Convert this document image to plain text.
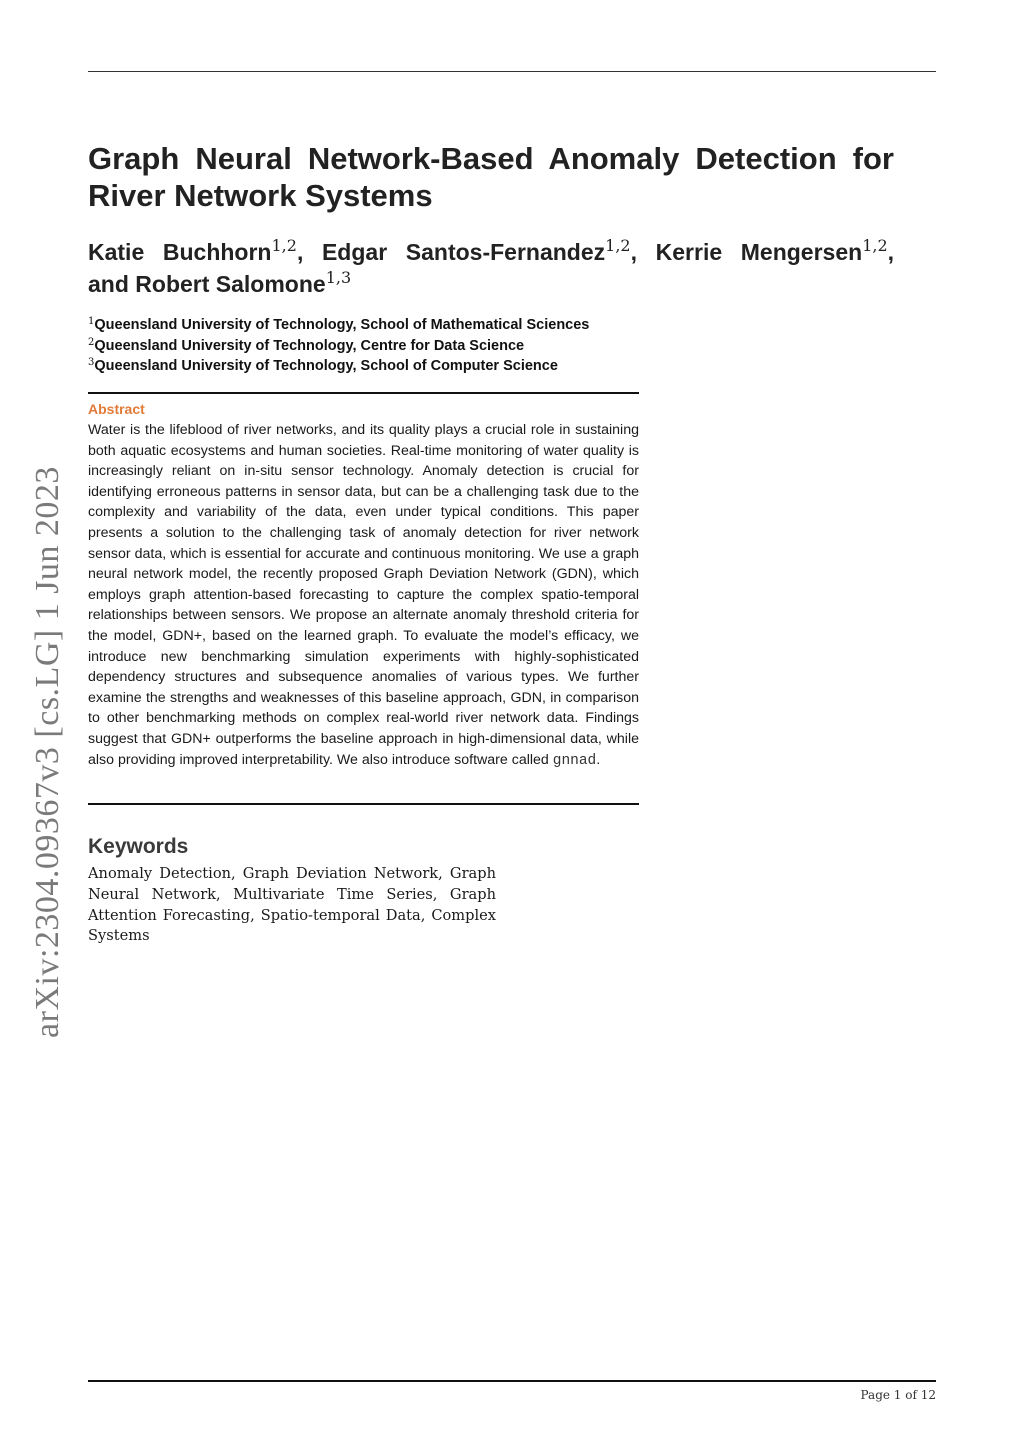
arXiv:2304.09367v3 [cs.LG] 1 Jun 2023
Graph Neural Network-Based Anomaly Detection for
River Network Systems
Katie Buchhorn$^{1,2}$, Edgar Santos-Fernandez$^{1,2}$, Kerrie Mengersen$^{1,2}$,
and Robert Salomone$^{1,3}$
$^1$Queensland University of Technology, School of Mathematical Sciences
$^2$Queensland University of Technology, Centre for Data Science
$^3$Queensland University of Technology, School of Computer Science
Abstract

Water is the lifeblood of river networks, and its quality plays a crucial role in sustaining both aquatic ecosystems and human societies. Real-time monitoring of water quality is increasingly reliant on in-situ sensor technology. Anomaly detection is crucial for identifying erroneous patterns in sensor data, but can be a challenging task due to the complexity and variability of the data, even under typical conditions. This paper presents a solution to the challenging task of anomaly detection for river network sensor data, which is essential for accurate and continuous monitoring. We use a graph neural network model, the recently proposed Graph Deviation Network (GDN), which employs graph attention-based forecasting to capture the complex spatio-temporal relationships between sensors. We propose an alternate anomaly threshold criteria for the model, GDN+, based on the learned graph. To evaluate the model’s efficacy, we introduce new benchmarking simulation experiments with highly-sophisticated dependency structures and subsequence anomalies of various types. We further examine the strengths and weaknesses of this baseline approach, GDN, in comparison to other benchmarking methods on complex real-world river network data. Findings suggest that GDN+ outperforms the baseline approach in high-dimensional data, while also providing improved interpretability. We also introduce software called gnnad.

Keywords

Anomaly Detection, Graph Deviation Network, Graph Neural Network, Multivariate Time Series, Graph Attention Forecasting, Spatio-temporal Data, Complex Systems

Page 1 of 12
